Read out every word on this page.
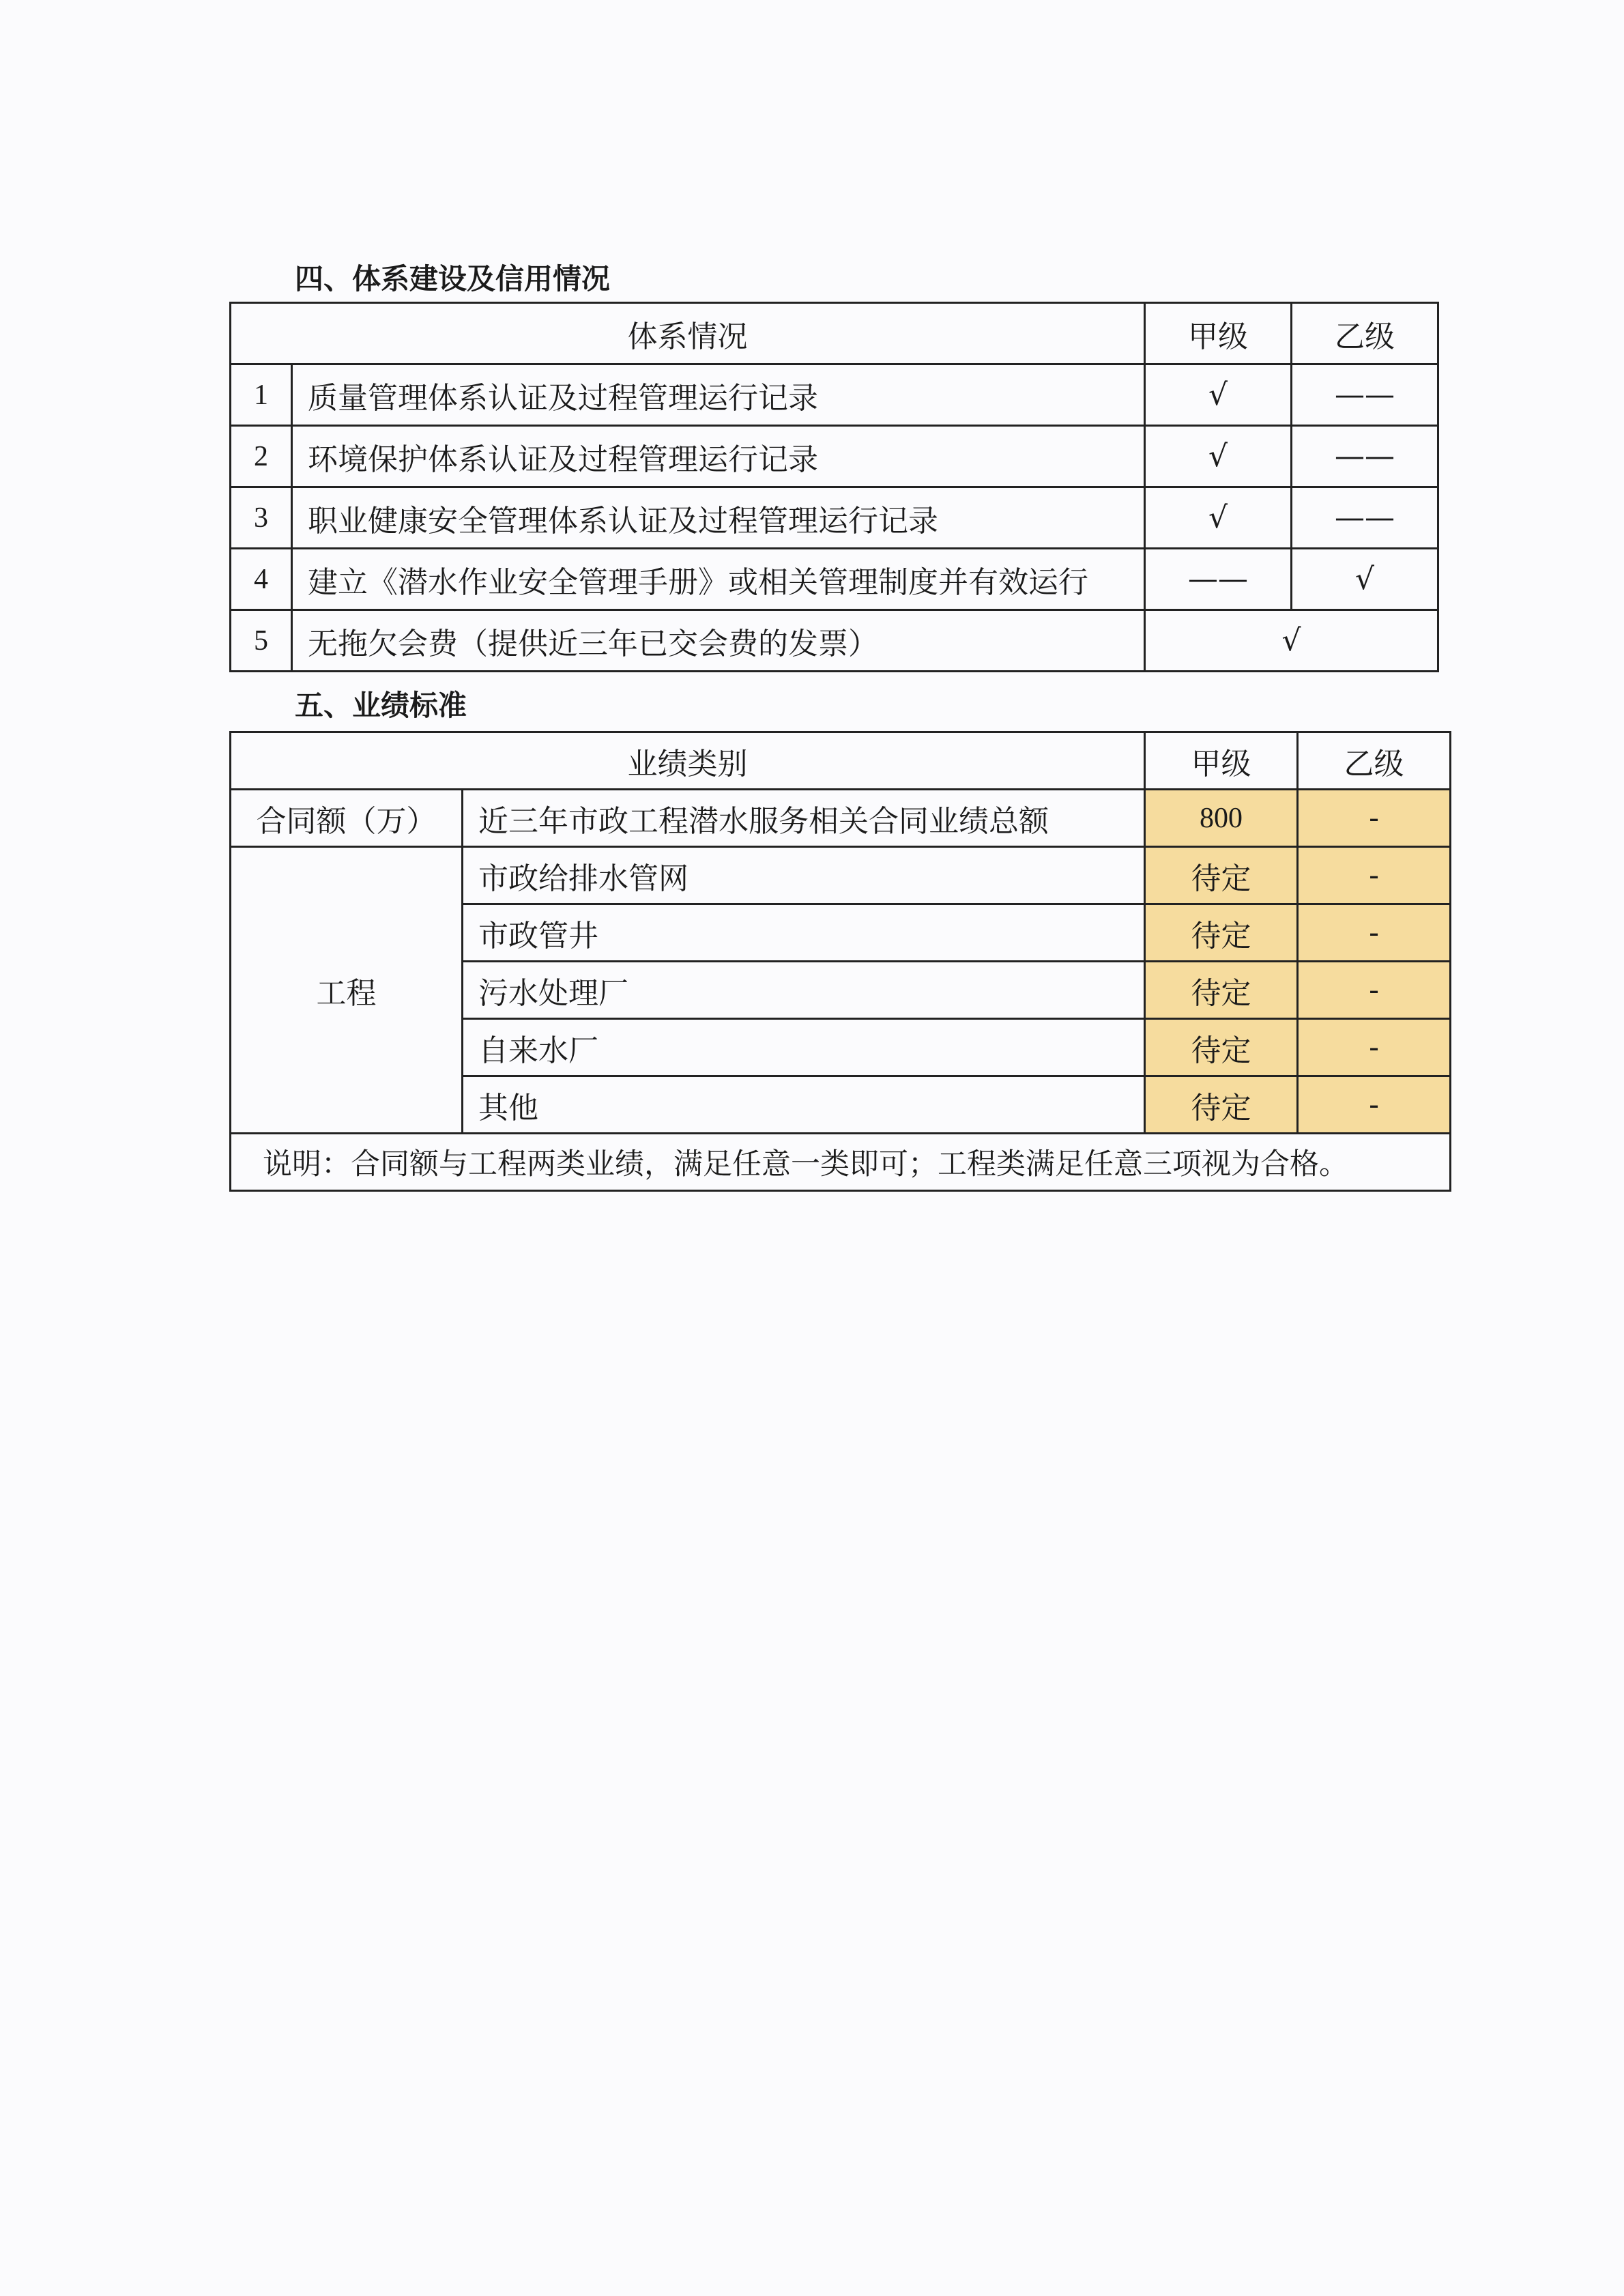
四、体系建设及信用情况
体系情况		甲级	乙级
1	质量管理体系认证及过程管理运行记录	√	——
2	环境保护体系认证及过程管理运行记录	√	——
3	职业健康安全管理体系认证及过程管理运行记录	√	——
4	建立《潜水作业安全管理手册》或相关管理制度并有效运行	——	√
5	无拖欠会费（提供近三年已交会费的发票）	√	
五、业绩标准
业绩类别		甲级	乙级
合同额（万）	近三年市政工程潜水服务相关合同业绩总额	800	-
工程	市政给排水管网	待定	-
	市政管井	待定	-
	污水处理厂	待定	-
	自来水厂	待定	-
	其他	待定	-
说明：合同额与工程两类业绩，满足任意一类即可；工程类满足任意三项视为合格。			
